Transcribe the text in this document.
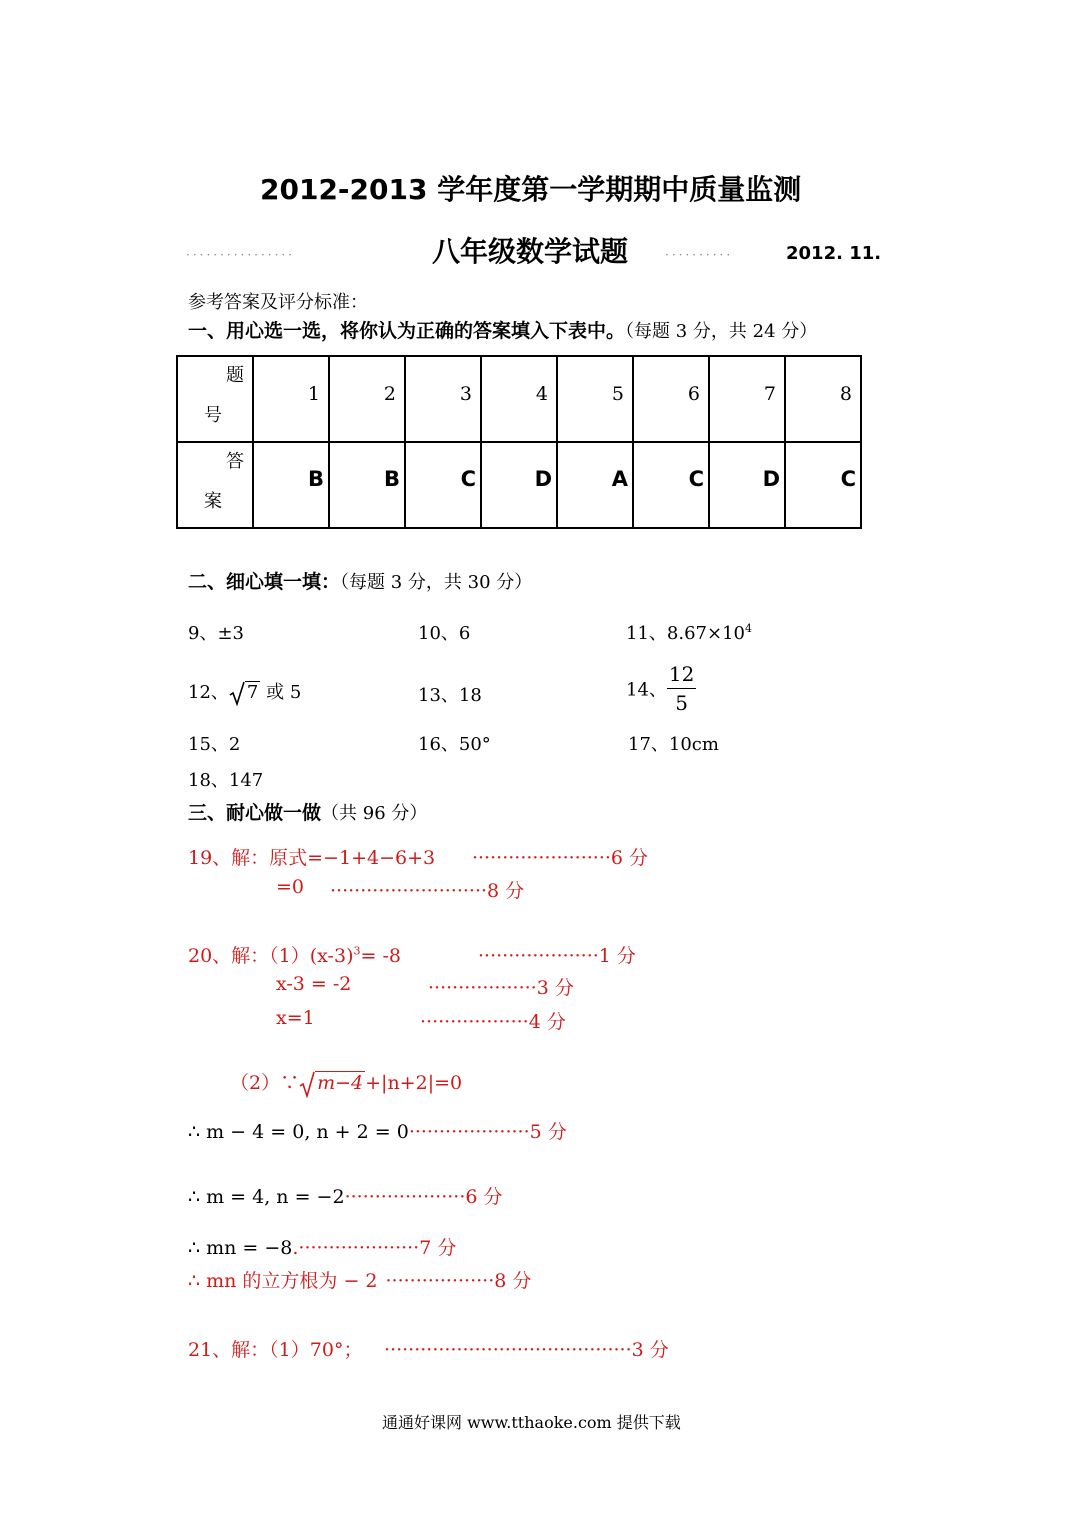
2012-2013 学年度第一学期期中质量监测
················	八年级数学试题	··········	2012. 11.
参考答案及评分标准：
一、用心选一选，将你认为正确的答案填入下表中。（每题 3 分，共 24 分）
题
号	1	2	3	4	5	6	7	8

答
案	B	B	C	D	A	C	D	C
二、细心填一填：（每题 3 分，共 30 分）
9、±3	10、6	11、$8.67\times 10^4$
12、 7 或 5	13、18	14、 $\frac{12}{5}$
15、2	16、50°	17、10cm
18、147
三、耐心做一做（共 96 分）
19、解：原式=−1+4−6+3 ·······················6 分
=0 ··························8 分
20、解：$(1)(x-3)^3= -8$	····················1 分
x-3 = -2	··················3 分
x=1	··················4 分
（2）∵ m−4 +|n+2|=0
∴ m − 4 = 0, n + 2 = 0····················5 分
∴ m = 4, n = −2····················6 分
∴ mn = −8.····················7 分
∴ mn 的立方根为 − 2 ··················8 分
21、解：（1）70°； ·········································3 分
通通好课网 www.tthaoke.com 提供下载
